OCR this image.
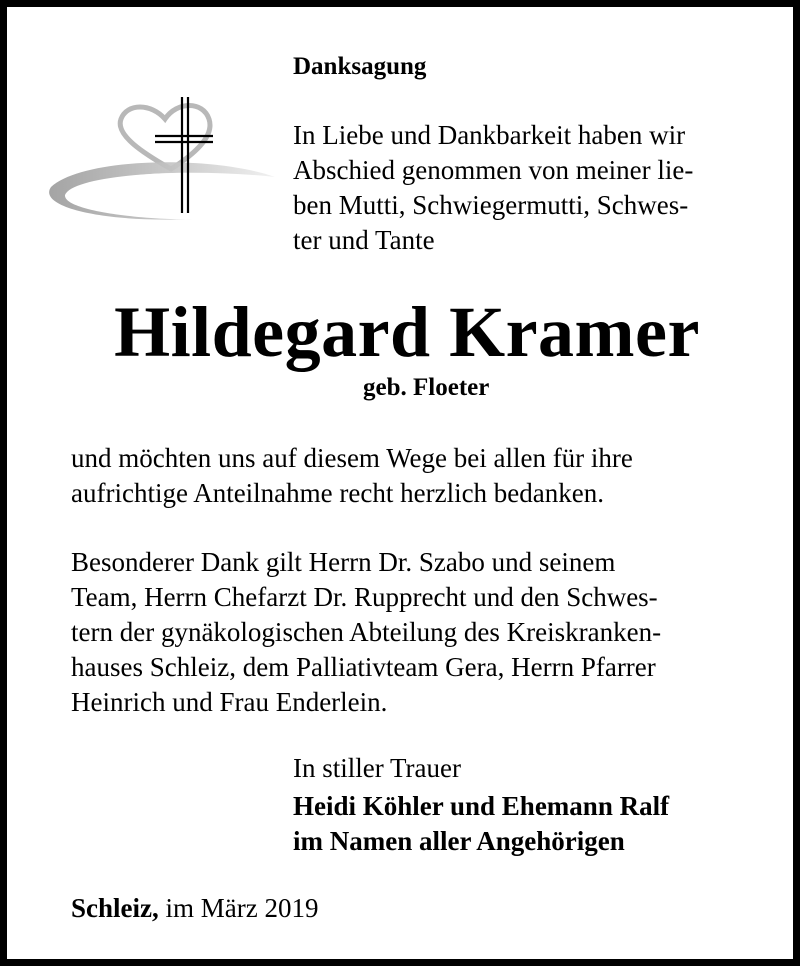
Danksagung

In Liebe und Dankbarkeit haben wir
Abschied genommen von meiner lie-
ben Mutti, Schwiegermutti, Schwes-
ter und Tante

Hildegard Kramer

geb. Floeter

und möchten uns auf diesem Wege bei allen für ihre
aufrichtige Anteilnahme recht herzlich bedanken.
Besonderer Dank gilt Herrn Dr. Szabo und seinem
Team, Herrn Chefarzt Dr. Rupprecht und den Schwes-
tern der gynäkologischen Abteilung des Kreiskranken-
hauses Schleiz, dem Palliativteam Gera, Herrn Pfarrer
Heinrich und Frau Enderlein.

In stiller Trauer

Heidi Köhler und Ehemann Ralf
im Namen aller Angehörigen

Schleiz, im März 2019
